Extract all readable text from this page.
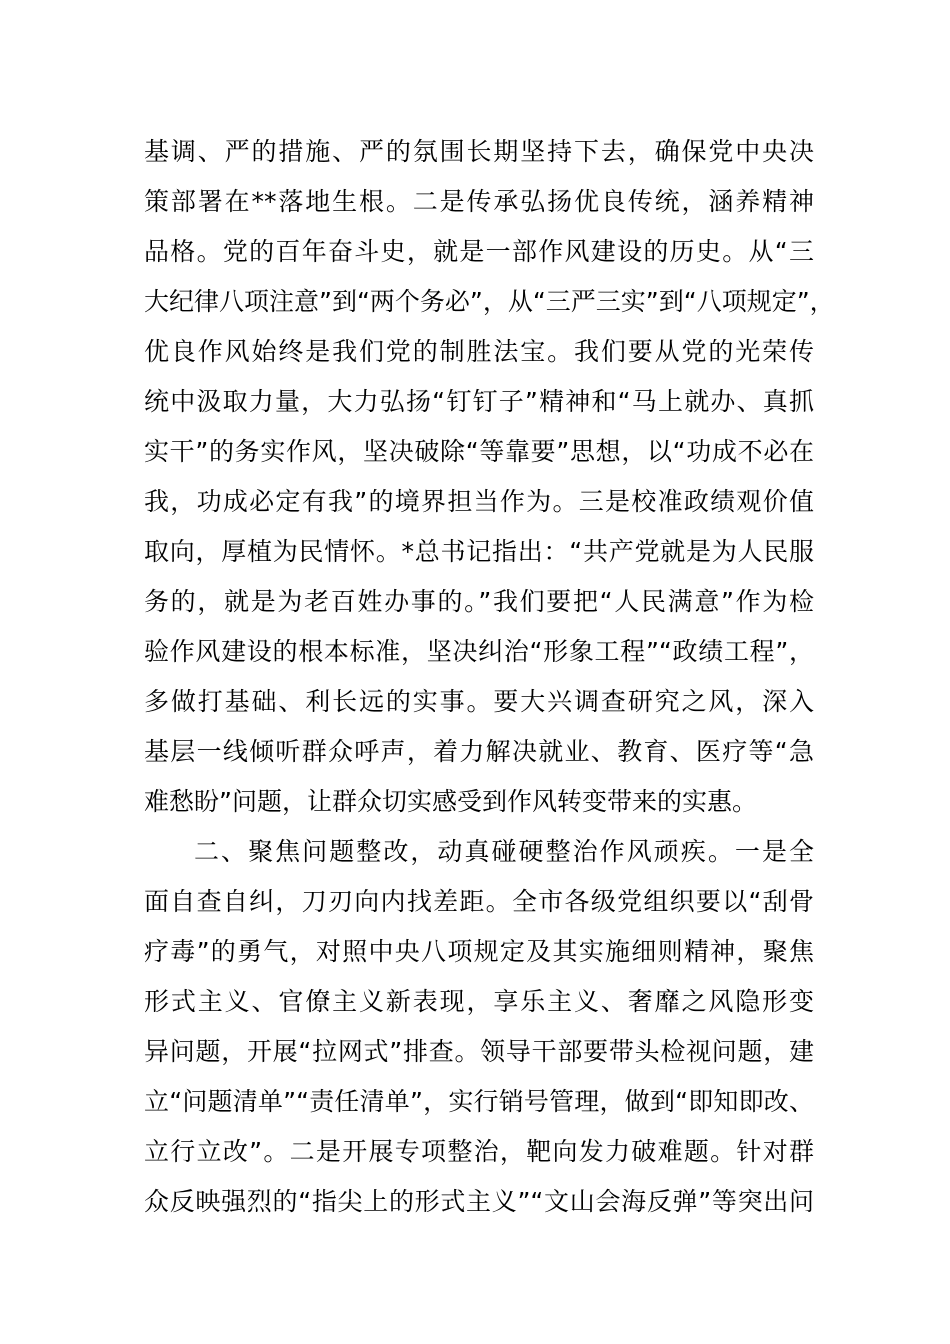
基调、严的措施、严的氛围长期坚持下去，确保党中央决
策部署在**落地生根。二是传承弘扬优良传统，涵养精神
品格。党的百年奋斗史，就是一部作风建设的历史。从“三
大纪律八项注意”到“两个务必”，从“三严三实”到“八项规定”，
优良作风始终是我们党的制胜法宝。我们要从党的光荣传
统中汲取力量，大力弘扬“钉钉子”精神和“马上就办、真抓
实干”的务实作风，坚决破除“等靠要”思想，以“功成不必在
我，功成必定有我”的境界担当作为。三是校准政绩观价值
取向，厚植为民情怀。*总书记指出：“共产党就是为人民服
务的，就是为老百姓办事的。”我们要把“人民满意”作为检
验作风建设的根本标准，坚决纠治“形象工程”“政绩工程”，
多做打基础、利长远的实事。要大兴调查研究之风，深入
基层一线倾听群众呼声，着力解决就业、教育、医疗等“急
难愁盼”问题，让群众切实感受到作风转变带来的实惠。
二、聚焦问题整改，动真碰硬整治作风顽疾。一是全
面自查自纠，刀刃向内找差距。全市各级党组织要以“刮骨
疗毒”的勇气，对照中央八项规定及其实施细则精神，聚焦
形式主义、官僚主义新表现，享乐主义、奢靡之风隐形变
异问题，开展“拉网式”排查。领导干部要带头检视问题，建
立“问题清单”“责任清单”，实行销号管理，做到“即知即改、
立行立改”。二是开展专项整治，靶向发力破难题。针对群
众反映强烈的“指尖上的形式主义”“文山会海反弹”等突出问
